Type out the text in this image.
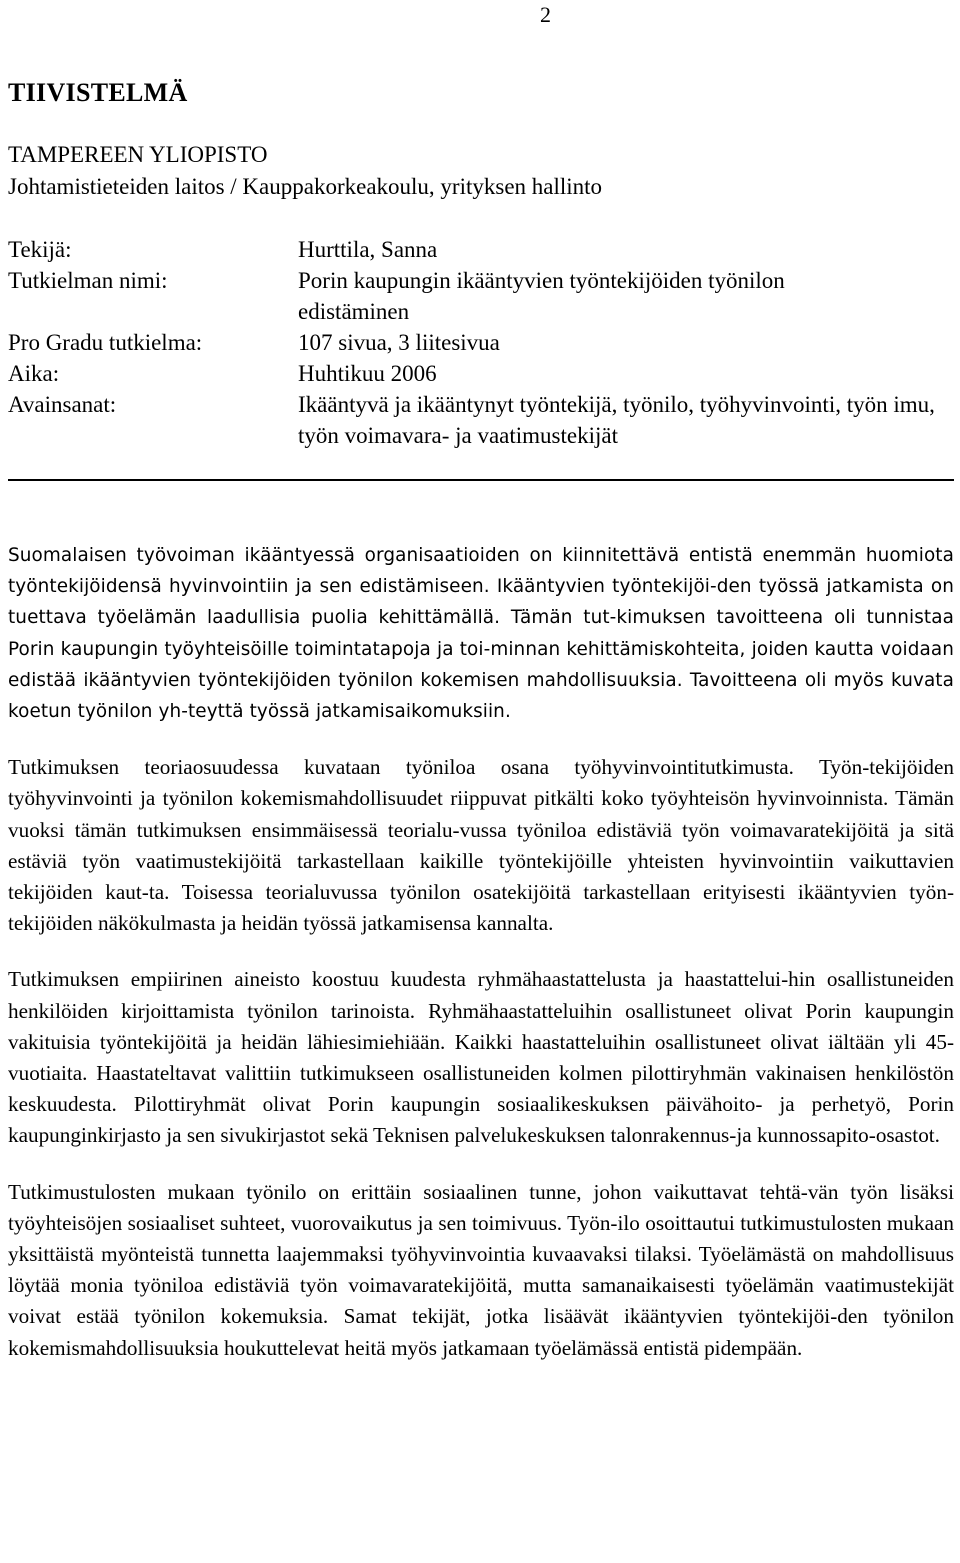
2
TIIVISTELMÄ
TAMPEREEN YLIOPISTO
Johtamistieteiden laitos / Kauppakorkeakoulu, yrityksen hallinto
Tekijä:	Hurttila, Sanna
Tutkielman nimi:	Porin kaupungin ikääntyvien työntekijöiden työnilon edistäminen
Pro Gradu tutkielma:	107 sivua, 3 liitesivua
Aika:	Huhtikuu 2006
Avainsanat:	Ikääntyvä ja ikääntynyt työntekijä, työnilo, työhyvinvointi, työn imu, työn voimavara- ja vaatimustekijät

Suomalaisen työvoiman ikääntyessä organisaatioiden on kiinnitettävä entistä enemmän huomiota työntekijöidensä hyvinvointiin ja sen edistämiseen. Ikääntyvien työntekijöi-den työssä jatkamista on tuettava työelämän laadullisia puolia kehittämällä. Tämän tut-kimuksen tavoitteena oli tunnistaa Porin kaupungin työyhteisöille toimintatapoja ja toi-minnan kehittämiskohteita, joiden kautta voidaan edistää ikääntyvien työntekijöiden työnilon kokemisen mahdollisuuksia. Tavoitteena oli myös kuvata koetun työnilon yh-teyttä työssä jatkamisaikomuksiin.

Tutkimuksen teoriaosuudessa kuvataan työniloa osana työhyvinvointitutkimusta. Työn-tekijöiden työhyvinvointi ja työnilon kokemismahdollisuudet riippuvat pitkälti koko työyhteisön hyvinvoinnista. Tämän vuoksi tämän tutkimuksen ensimmäisessä teorialu-vussa työniloa edistäviä työn voimavaratekijöitä ja sitä estäviä työn vaatimustekijöitä tarkastellaan kaikille työntekijöille yhteisten hyvinvointiin vaikuttavien tekijöiden kaut-ta. Toisessa teorialuvussa työnilon osatekijöitä tarkastellaan erityisesti ikääntyvien työn-tekijöiden näkökulmasta ja heidän työssä jatkamisensa kannalta.

Tutkimuksen empiirinen aineisto koostuu kuudesta ryhmähaastattelusta ja haastattelui-hin osallistuneiden henkilöiden kirjoittamista työnilon tarinoista. Ryhmähaastatteluihin osallistuneet olivat Porin kaupungin vakituisia työntekijöitä ja heidän lähiesimiehiään. Kaikki haastatteluihin osallistuneet olivat iältään yli 45-vuotiaita. Haastateltavat valittiin tutkimukseen osallistuneiden kolmen pilottiryhmän vakinaisen henkilöstön keskuudesta. Pilottiryhmät olivat Porin kaupungin sosiaalikeskuksen päivähoito- ja perhetyö, Porin kaupunginkirjasto ja sen sivukirjastot sekä Teknisen palvelukeskuksen talonrakennus-ja kunnossapito-osastot.

Tutkimustulosten mukaan työnilo on erittäin sosiaalinen tunne, johon vaikuttavat tehtä-vän työn lisäksi työyhteisöjen sosiaaliset suhteet, vuorovaikutus ja sen toimivuus. Työn-ilo osoittautui tutkimustulosten mukaan yksittäistä myönteistä tunnetta laajemmaksi työhyvinvointia kuvaavaksi tilaksi. Työelämästä on mahdollisuus löytää monia työniloa edistäviä työn voimavaratekijöitä, mutta samanaikaisesti työelämän vaatimustekijät voivat estää työnilon kokemuksia. Samat tekijät, jotka lisäävät ikääntyvien työntekijöi-den työnilon kokemismahdollisuuksia houkuttelevat heitä myös jatkamaan työelämässä entistä pidempään.
